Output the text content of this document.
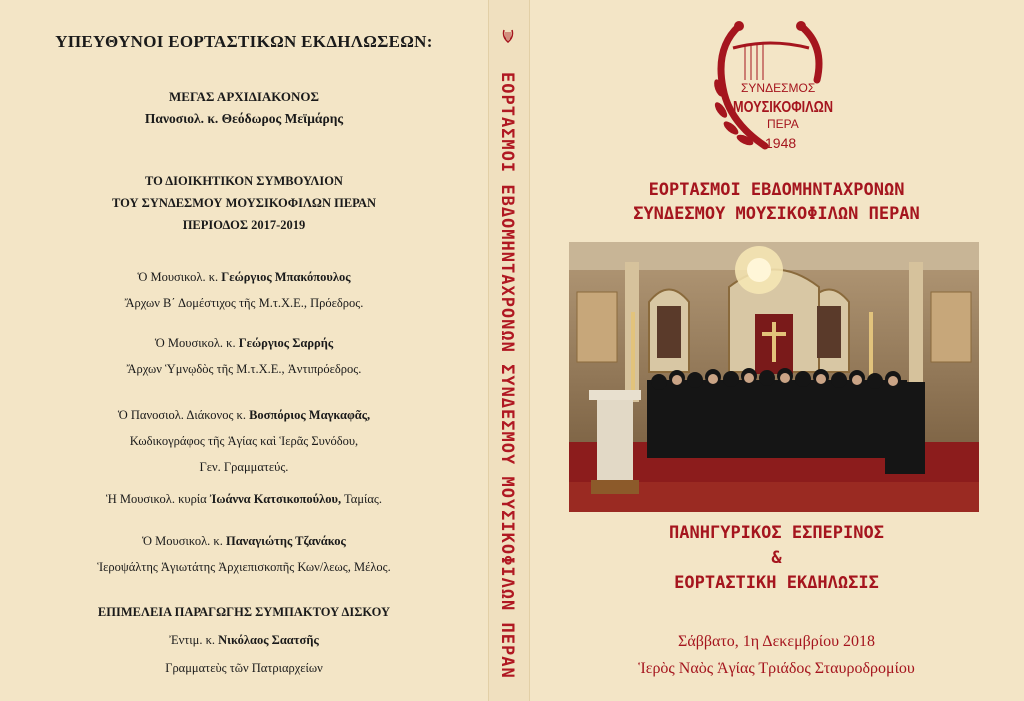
ΥΠΕΥΘΥΝΟΙ ΕΟΡΤΑΣΤΙΚΩΝ ΕΚΔΗΛΩΣΕΩΝ:
ΜΕΓΑΣ ΑΡΧΙΔΙΑΚΟΝΟΣ
Πανοσιολ. κ. Θεόδωρος Μεϊμάρης
ΤΟ ΔΙΟΙΚΗΤΙΚΟΝ ΣΥΜΒΟΥΛΙΟΝ
ΤΟΥ ΣΥΝΔΕΣΜΟΥ ΜΟΥΣΙΚΟΦΙΛΩΝ ΠΕΡΑΝ
ΠΕΡΙΟΔΟΣ 2017-2019
Ὁ Μουσικολ. κ. Γεώργιος Μπακόπουλος
Ἄρχων Β΄ Δομέστιχος τῆς Μ.τ.Χ.Ε., Πρόεδρος.
Ὁ Μουσικολ. κ. Γεώργιος Σαρρής
Ἄρχων Ὑμνῳδὸς τῆς Μ.τ.Χ.Ε., Ἀντιπρόεδρος.
Ὁ Πανοσιολ. Διάκονος κ. Βοσπόριος Μαγκαφᾶς,
Κωδικογράφος τῆς Ἁγίας καὶ Ἱερᾶς Συνόδου,
Γεν. Γραμματεύς.
Ἡ Μουσικολ. κυρία Ἰωάννα Κατσικοπούλου, Ταμίας.
Ὁ Μουσικολ. κ. Παναγιώτης Τζανάκος
Ἱεροψάλτης Ἁγιωτάτης Ἀρχιεπισκοπῆς Κων/λεως, Μέλος.
ΕΠΙΜΕΛΕΙΑ ΠΑΡΑΓΩΓΗΣ ΣΥΜΠΑΚΤΟΥ ΔΙΣΚΟΥ
Ἐντιμ. κ. Νικόλαος Σαατσῆς
Γραμματεὺς τῶν Πατριαρχείων	ΕΟΡΤΑΣΜΟΙ ΕΒΔΟΜΗΝΤΑΧΡΟΝΩΝ ΣΥΝΔΕΣΜΟΥ ΜΟΥΣΙΚΟΦΙΛΩΝ ΠΕΡΑΝ	ΣΥΝΔΕΣΜΟΣ
ΜΟΥΣΙΚΟΦΙΛΩΝ
ΠΕΡΑ
1948
ΕΟΡΤΑΣΜΟΙ ΕΒΔΟΜΗΝΤΑΧΡΟΝΩΝ
ΣΥΝΔΕΣΜΟΥ ΜΟΥΣΙΚΟΦΙΛΩΝ ΠΕΡΑΝ
ΠΑΝΗΓΥΡΙΚΟΣ ΕΣΠΕΡΙΝΟΣ
&
ΕΟΡΤΑΣΤΙΚΗ ΕΚΔΗΛΩΣΙΣ
Σάββατο, 1η Δεκεμβρίου 2018
Ἱερὸς Ναὸς Ἁγίας Τριάδος Σταυροδρομίου
